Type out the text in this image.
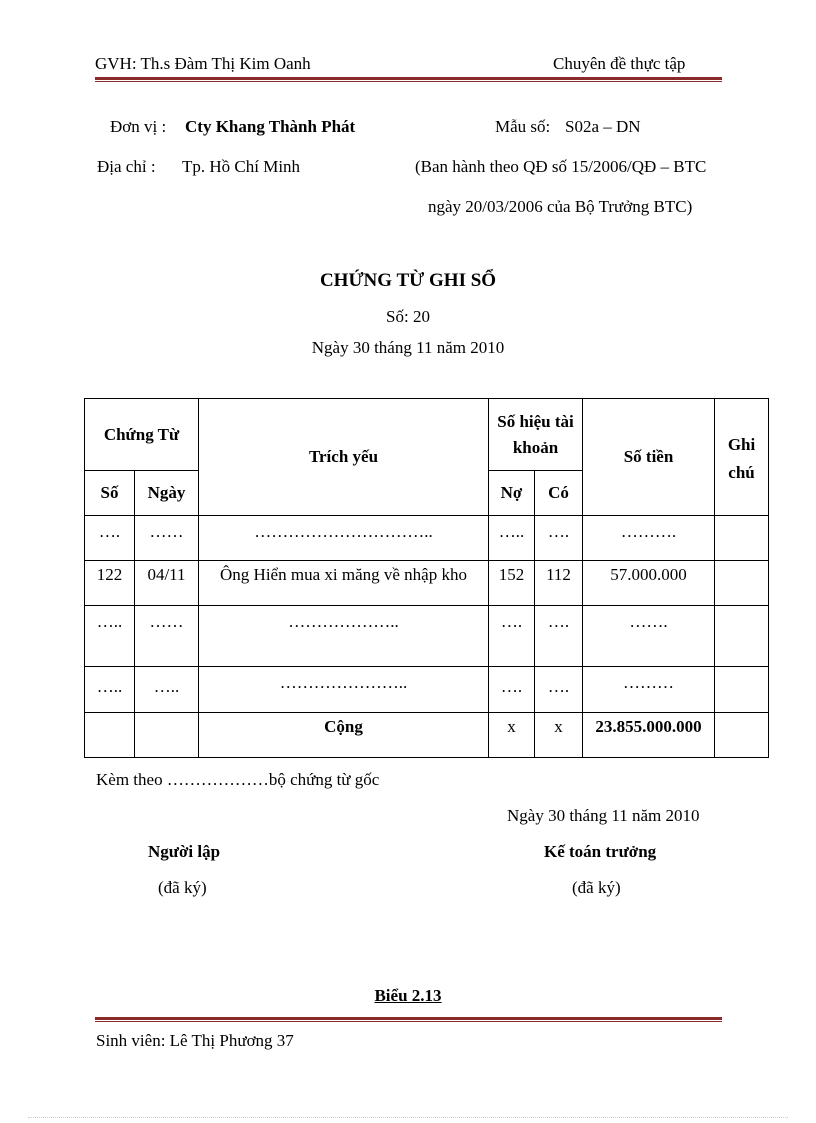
GVH: Th.s Đàm Thị Kim Oanh	Chuyên đề thực tập
Đơn vị : Cty Khang Thành Phát	Mẫu số: S02a – DN
Địa chỉ : Tp. Hồ Chí Minh	(Ban hành theo QĐ số 15/2006/QĐ – BTC
ngày 20/03/2006 của Bộ Trưởng BTC)
CHỨNG TỪ GHI SỔ
Số: 20
Ngày 30 tháng 11 năm 2010
Chứng Từ		Trích yếu	Số hiệu tài khoản		Số tiền	Ghi chú
Số	Ngày		Nợ	Có		
….	……	…………………………..	…..	….	……….	
122	04/11	Ông Hiển mua xi măng về nhập kho	152	112	57.000.000	
…..	……	………………..	….	….	…….	
…..	…..	…………………..	….	….	………	
		Cộng	x	x	23.855.000.000	
Kèm theo ………………bộ chứng từ gốc
Ngày 30 tháng 11 năm 2010
Người lập
(đã ký)
Kế toán trưởng
(đã ký)
Biểu 2.13
Sinh viên: Lê Thị Phương 37
